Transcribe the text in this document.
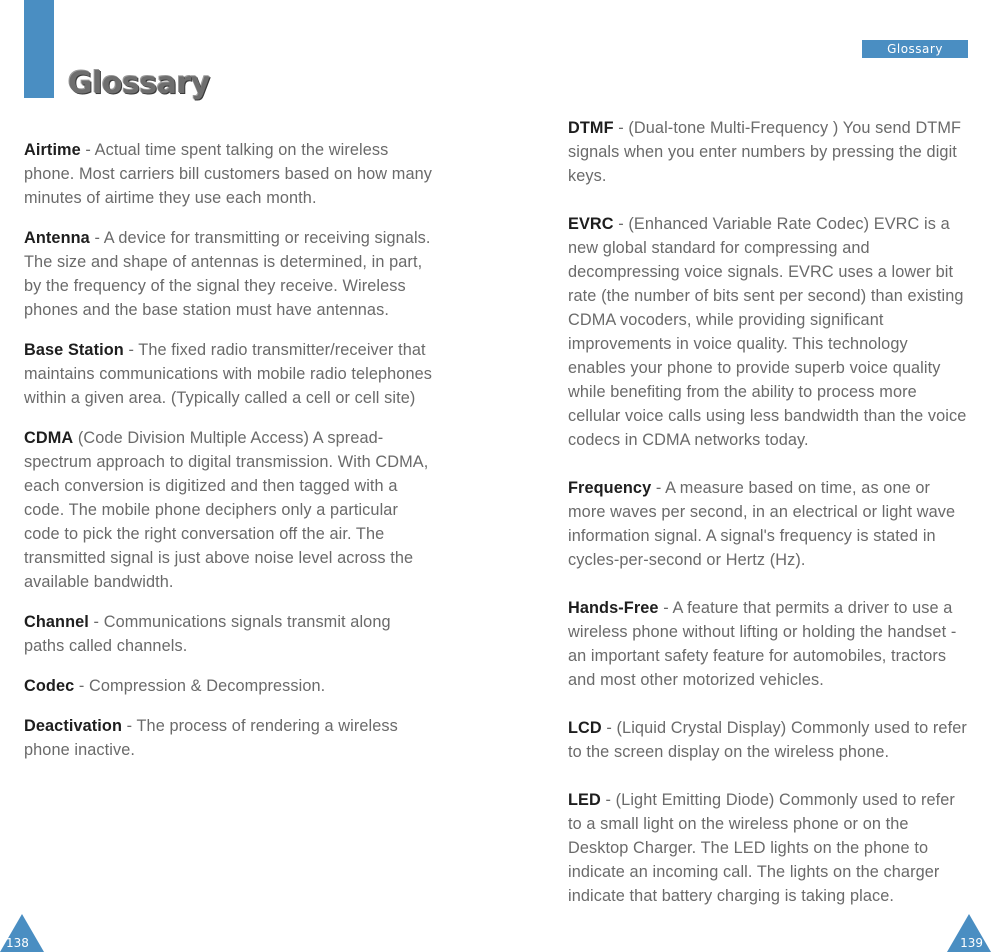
Glossary
Glossary

Airtime - Actual time spent talking on the wireless phone. Most carriers bill customers based on how many minutes of airtime they use each month.

Antenna - A device for transmitting or receiving signals. The size and shape of antennas is determined, in part, by the frequency of the signal they receive. Wireless phones and the base station must have antennas.

Base Station - The fixed radio transmitter/receiver that maintains communications with mobile radio telephones within a given area. (Typically called a cell or cell site)

CDMA (Code Division Multiple Access) A spread-spectrum approach to digital transmission. With CDMA, each conversion is digitized and then tagged with a code. The mobile phone deciphers only a particular code to pick the right conversation off the air. The transmitted signal is just above noise level across the available bandwidth.

Channel - Communications signals transmit along paths called channels.

Codec - Compression & Decompression.

Deactivation - The process of rendering a wireless phone inactive.

DTMF - (Dual-tone Multi-Frequency ) You send DTMF signals when you enter numbers by pressing the digit keys.

EVRC - (Enhanced Variable Rate Codec) EVRC is a new global standard for compressing and decompressing voice signals. EVRC uses a lower bit rate (the number of bits sent per second) than existing CDMA vocoders, while providing significant improvements in voice quality. This technology enables your phone to provide superb voice quality while benefiting from the ability to process more cellular voice calls using less bandwidth than the voice codecs in CDMA networks today.

Frequency - A measure based on time, as one or more waves per second, in an electrical or light wave information signal. A signal's frequency is stated in cycles-per-second or Hertz (Hz).

Hands-Free - A feature that permits a driver to use a wireless phone without lifting or holding the handset - an important safety feature for automobiles, tractors and most other motorized vehicles.

LCD - (Liquid Crystal Display) Commonly used to refer to the screen display on the wireless phone.

LED - (Light Emitting Diode) Commonly used to refer to a small light on the wireless phone or on the Desktop Charger. The LED lights on the phone to indicate an incoming call. The lights on the charger indicate that battery charging is taking place.

138	139
